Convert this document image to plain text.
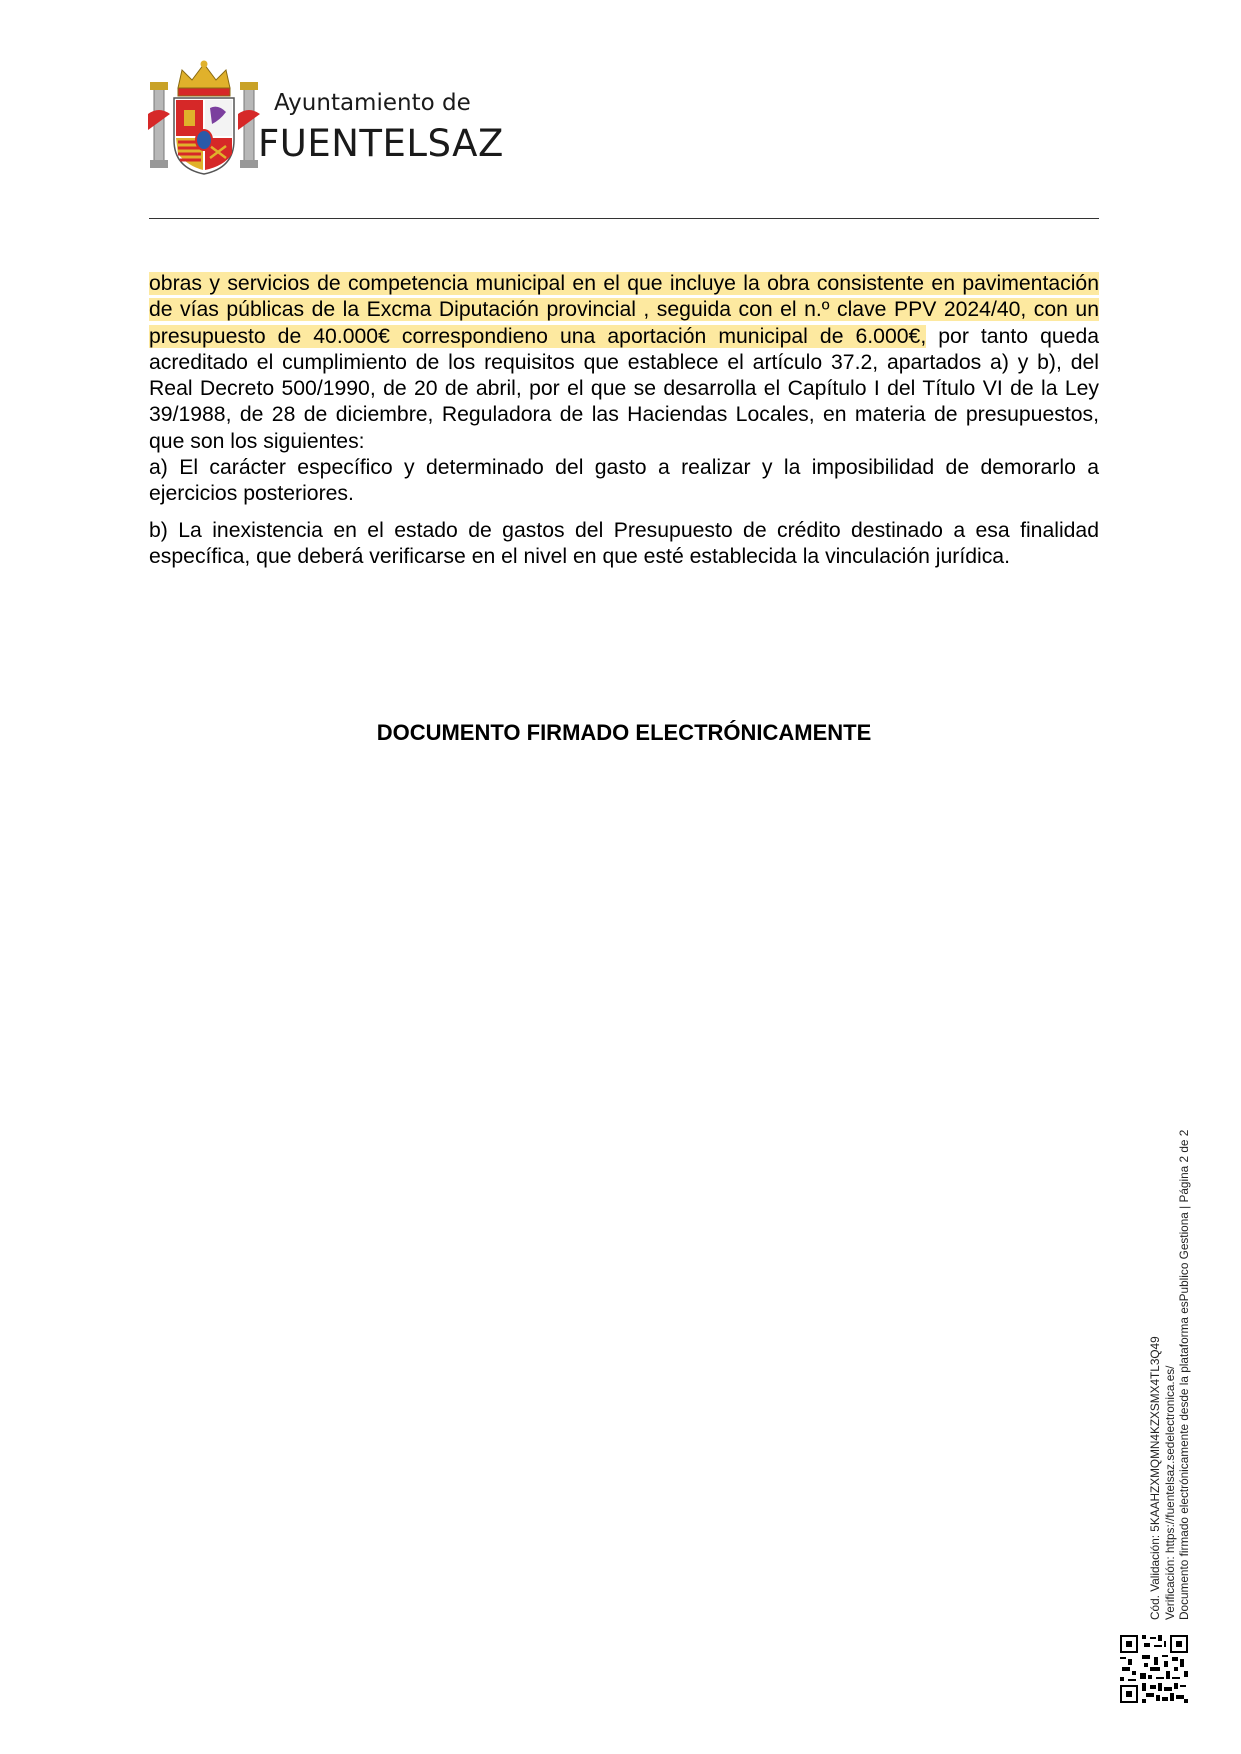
Ayuntamiento de
FUENTELSAZ

obras y servicios de competencia municipal en el que incluye la obra consistente en pavimentación de vías públicas de la Excma Diputación provincial , seguida con el n.º clave PPV 2024/40, con un presupuesto de 40.000€ correspondieno una aportación municipal de 6.000€, por tanto queda acreditado el cumplimiento de los requisitos que establece el artículo 37.2, apartados a) y b), del Real Decreto 500/1990, de 20 de abril, por el que se desarrolla el Capítulo I del Título VI de la Ley 39/1988, de 28 de diciembre, Reguladora de las Haciendas Locales, en materia de presupuestos, que son los siguientes:

a) El carácter específico y determinado del gasto a realizar y la imposibilidad de demorarlo a ejercicios posteriores.

b) La inexistencia en el estado de gastos del Presupuesto de crédito destinado a esa finalidad específica, que deberá verificarse en el nivel en que esté establecida la vinculación jurídica.

DOCUMENTO FIRMADO ELECTRÓNICAMENTE
Cód. Validación: 5KAAHZXMQMN4KZXSMX4TL3Q49 Verificación: https://fuentelsaz.sedelectronica.es/ Documento firmado electrónicamente desde la plataforma esPublico Gestiona | Página 2 de 2
